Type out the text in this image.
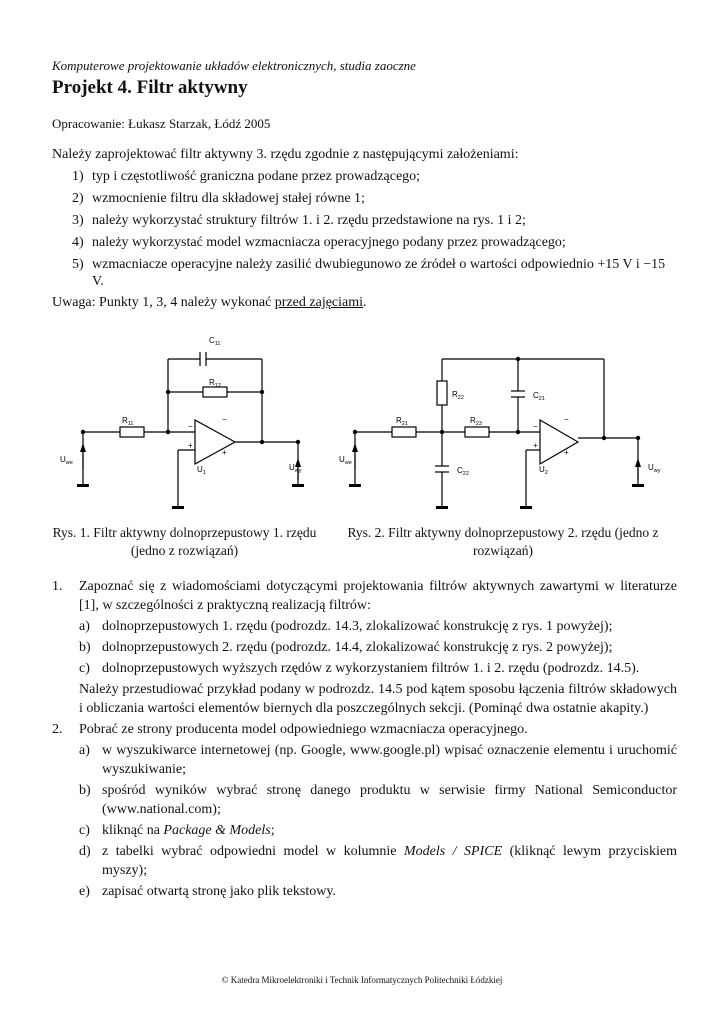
Komputerowe projektowanie układów elektronicznych, studia zaoczne
Projekt 4. Filtr aktywny
Opracowanie: Łukasz Starzak, Łódź 2005
Należy zaprojektować filtr aktywny 3. rzędu zgodnie z następującymi założeniami:
1) typ i częstotliwość graniczna podane przez prowadzącego;
2) wzmocnienie filtru dla składowej stałej równe 1;
3) należy wykorzystać struktury filtrów 1. i 2. rzędu przedstawione na rys. 1 i 2;
4) należy wykorzystać model wzmacniacza operacyjnego podany przez prowadzącego;
5) wzmacniacze operacyjne należy zasilić dwubiegunowo ze źródeł o wartości odpowiednio +15 V i −15 V.
Uwaga: Punkty 1, 3, 4 należy wykonać przed zajęciami.
$C_{11}$
$R_{12}$
$R_{11}$
$U_1$
$U_{we}$	$U_{wy}$
−
+
−
+
$R_{22}$	$C_{21}$
$R_{21}$	$R_{23}$
$C_{22}$	$U_2$
$U_{we}$	$U_{wy}$
−
+
−
+
Rys. 1. Filtr aktywny dolnoprzepustowy 1. rzędu (jedno z rozwiązań)
Rys. 2. Filtr aktywny dolnoprzepustowy 2. rzędu (jedno z rozwiązań)
1. Zapoznać się z wiadomościami dotyczącymi projektowania filtrów aktywnych zawartymi w literaturze [1], w szczególności z praktyczną realizacją filtrów:
a) dolnoprzepustowych 1. rzędu (podrozdz. 14.3, zlokalizować konstrukcję z rys. 1 powyżej);
b) dolnoprzepustowych 2. rzędu (podrozdz. 14.4, zlokalizować konstrukcję z rys. 2 powyżej);
c) dolnoprzepustowych wyższych rzędów z wykorzystaniem filtrów 1. i 2. rzędu (podrozdz. 14.5).
Należy przestudiować przykład podany w podrozdz. 14.5 pod kątem sposobu łączenia filtrów składowych i obliczania wartości elementów biernych dla poszczególnych sekcji. (Pominąć dwa ostatnie akapity.)
2. Pobrać ze strony producenta model odpowiedniego wzmacniacza operacyjnego.
a) w wyszukiwarce internetowej (np. Google, www.google.pl) wpisać oznaczenie elementu i uruchomić wyszukiwanie;
b) spośród wyników wybrać stronę danego produktu w serwisie firmy National Semiconductor (www.national.com);
c) kliknąć na Package & Models;
d) z tabelki wybrać odpowiedni model w kolumnie Models / SPICE (kliknąć lewym przyciskiem myszy);
e) zapisać otwartą stronę jako plik tekstowy.
© Katedra Mikroelektroniki i Technik Informatycznych Politechniki Łódzkiej
